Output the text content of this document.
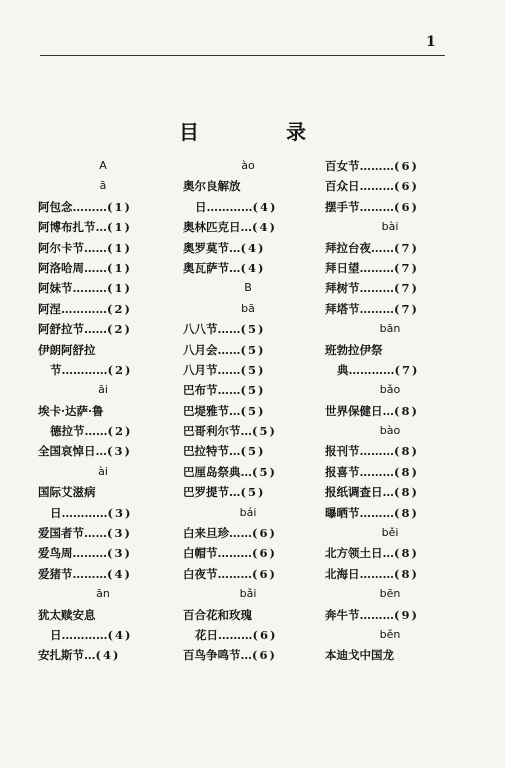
1
目 录
A
ā
阿包念………(1)
阿博布扎节…(1)
阿尔卡节……(1)
阿洛哈周……(1)
阿妹节………(1)
阿涅…………(2)
阿舒拉节……(2)
伊朗阿舒拉
节…………(2)
āi
埃卡·达萨·鲁
德拉节……(2)
全国哀悼日…(3)
ài
国际艾滋病
日…………(3)
爱国者节……(3)
爱鸟周………(3)
爱猪节………(4)
ān
犹太赎安息
日…………(4)
安扎斯节…(4)
ào
奥尔良解放
日…………(4)
奥林匹克日…(4)
奥罗莫节…(4)
奥瓦萨节…(4)
B
bā
八八节……(5)
八月会……(5)
八月节……(5)
巴布节……(5)
巴堤雅节…(5)
巴哥利尔节…(5)
巴拉特节…(5)
巴厘岛祭典…(5)
巴罗提节…(5)
bái
白来旦珍……(6)
白帽节………(6)
白夜节………(6)
bǎi
百合花和玫瑰
花日………(6)
百鸟争鸣节…(6)
百女节………(6)
百众日………(6)
摆手节………(6)
bài
拜拉台夜……(7)
拜日望………(7)
拜树节………(7)
拜塔节………(7)
bān
班勃拉伊祭
典…………(7)
bǎo
世界保健日…(8)
bào
报刊节………(8)
报喜节………(8)
报纸调查日…(8)
曝晒节………(8)
běi
北方领土日…(8)
北海日………(8)
bēn
奔牛节………(9)
běn
本迪戈中国龙
